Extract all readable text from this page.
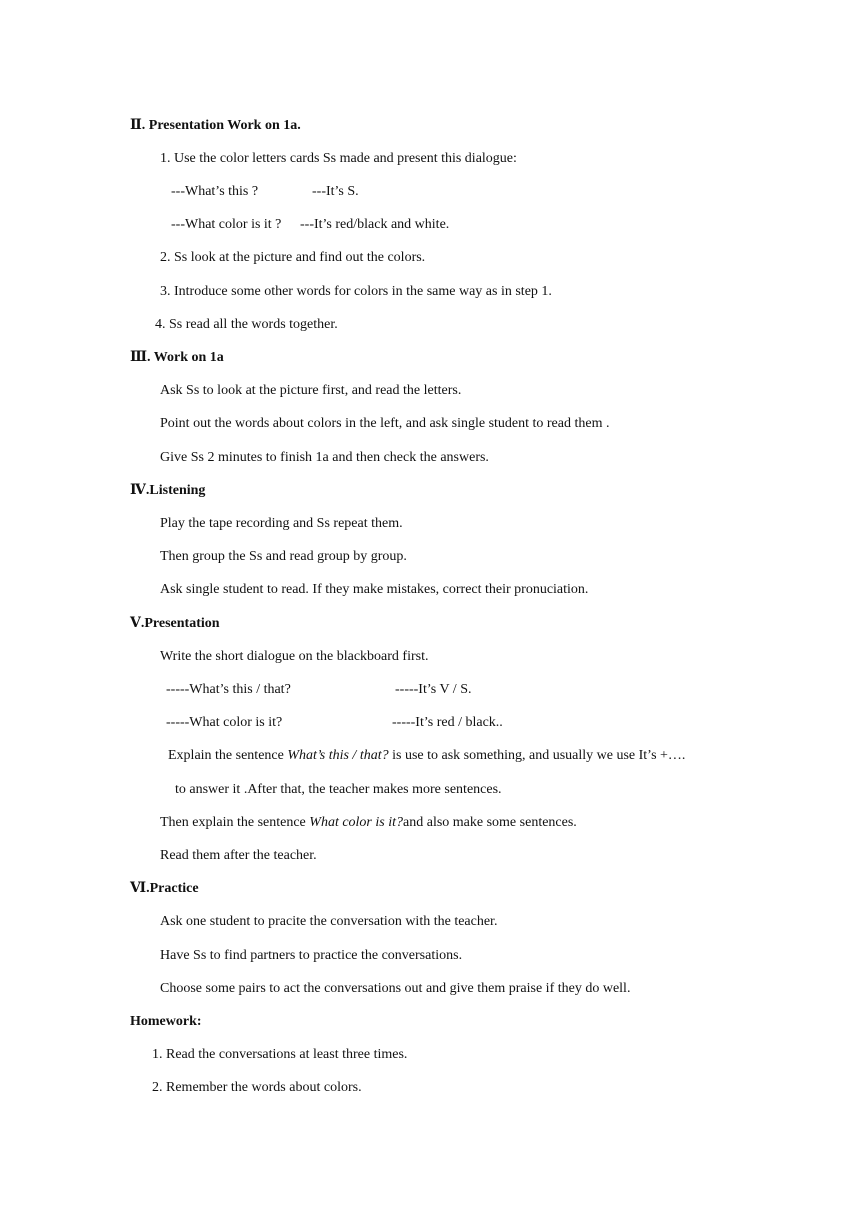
Ⅱ. Presentation Work on 1a.
1. Use the color letters cards Ss made and present this dialogue:
---What’s this ?	---It’s S.
---What color is it ? ---It’s red/black and white.
2. Ss look at the picture and find out the colors.
3. Introduce some other words for colors in the same way as in step 1.
4. Ss read all the words together.
Ⅲ. Work on 1a
Ask Ss to look at the picture first, and read the letters.
Point out the words about colors in the left, and ask single student to read them .
Give Ss 2 minutes to finish 1a and then check the answers.
Ⅳ.Listening
Play the tape recording and Ss repeat them.
Then group the Ss and read group by group.
Ask single student to read. If they make mistakes, correct their pronuciation.
Ⅴ.Presentation
Write the short dialogue on the blackboard first.
-----What’s this / that?	-----It’s V / S.
-----What color is it?	-----It’s red / black..
Explain the sentence What’s this / that? is use to ask something, and usually we use It’s +….
to answer it .After that, the teacher makes more sentences.
Then explain the sentence What color is it?and also make some sentences.
Read them after the teacher.
Ⅵ.Practice
Ask one student to pracite the conversation with the teacher.
Have Ss to find partners to practice the conversations.
Choose some pairs to act the conversations out and give them praise if they do well.
Homework:
1. Read the conversations at least three times.
2. Remember the words about colors.
